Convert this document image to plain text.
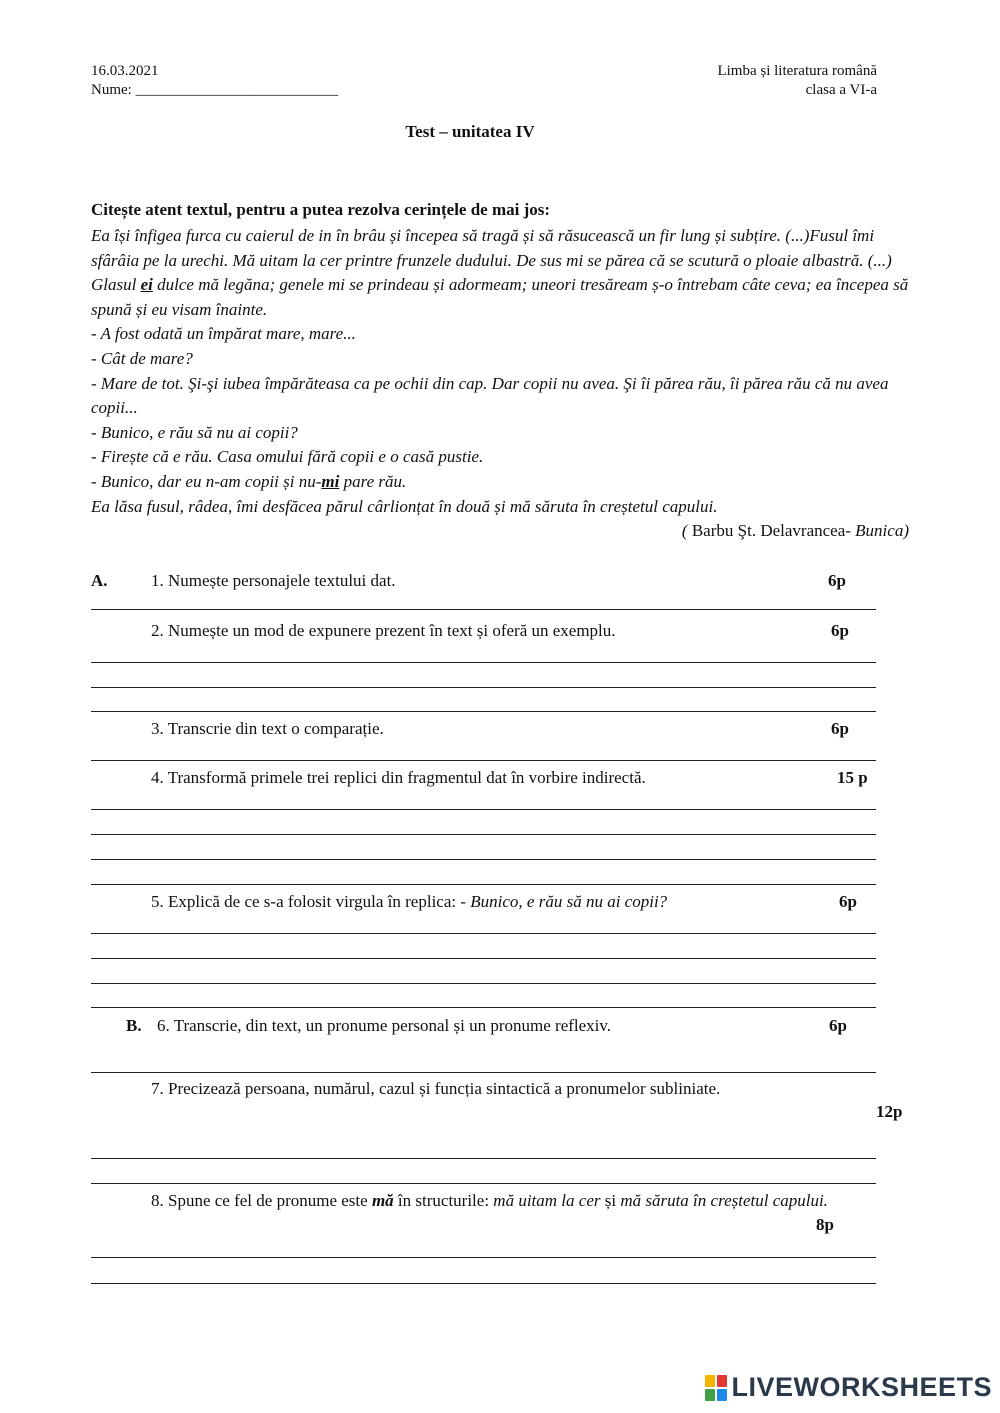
16.03.2021
Nume: ___________________________
Limba și literatura română
clasa a VI-a
Test – unitatea IV
Citește atent textul, pentru a putea rezolva cerințele de mai jos:

Ea își înfigea furca cu caierul de in în brâu și începea să tragă și să răsucească un fir lung și subțire. (...)Fusul îmi sfârâia pe la urechi. Mă uitam la cer printre frunzele dudului. De sus mi se părea că se scutură o ploaie albastră. (...)

Glasul ei dulce mă legăna; genele mi se prindeau și adormeam; uneori tresăream ș-o întrebam câte ceva; ea începea să spună și eu visam înainte.

- A fost odată un împărat mare, mare...

- Cât de mare?

- Mare de tot. Şi-şi iubea împărăteasa ca pe ochii din cap. Dar copii nu avea. Şi îi părea rău, îi părea rău că nu avea copii...

- Bunico, e rău să nu ai copii?

- Firește că e rău. Casa omului fără copii e o casă pustie.

- Bunico, dar eu n-am copii și nu-mi pare rău.

Ea lăsa fusul, râdea, îmi desfăcea părul cârlionțat în două și mă săruta în creștetul capului.

( Barbu Şt. Delavrancea- Bunica)

A.	1. Numește personajele textului dat.	6p
2. Numește un mod de expunere prezent în text și oferă un exemplu.	6p
3. Transcrie din text o comparație.	6p
4. Transformă primele trei replici din fragmentul dat în vorbire indirectă.	15 p
5. Explică de ce s-a folosit virgula în replica: - Bunico, e rău să nu ai copii?	6p
B. 6. Transcrie, din text, un pronume personal și un pronume reflexiv.	6p
7. Precizează persoana, numărul, cazul și funcția sintactică a pronumelor subliniate.
12p
8. Spune ce fel de pronume este mă în structurile: mă uitam la cer și mă săruta în creștetul capului.
8p
LIVEWORKSHEETS
